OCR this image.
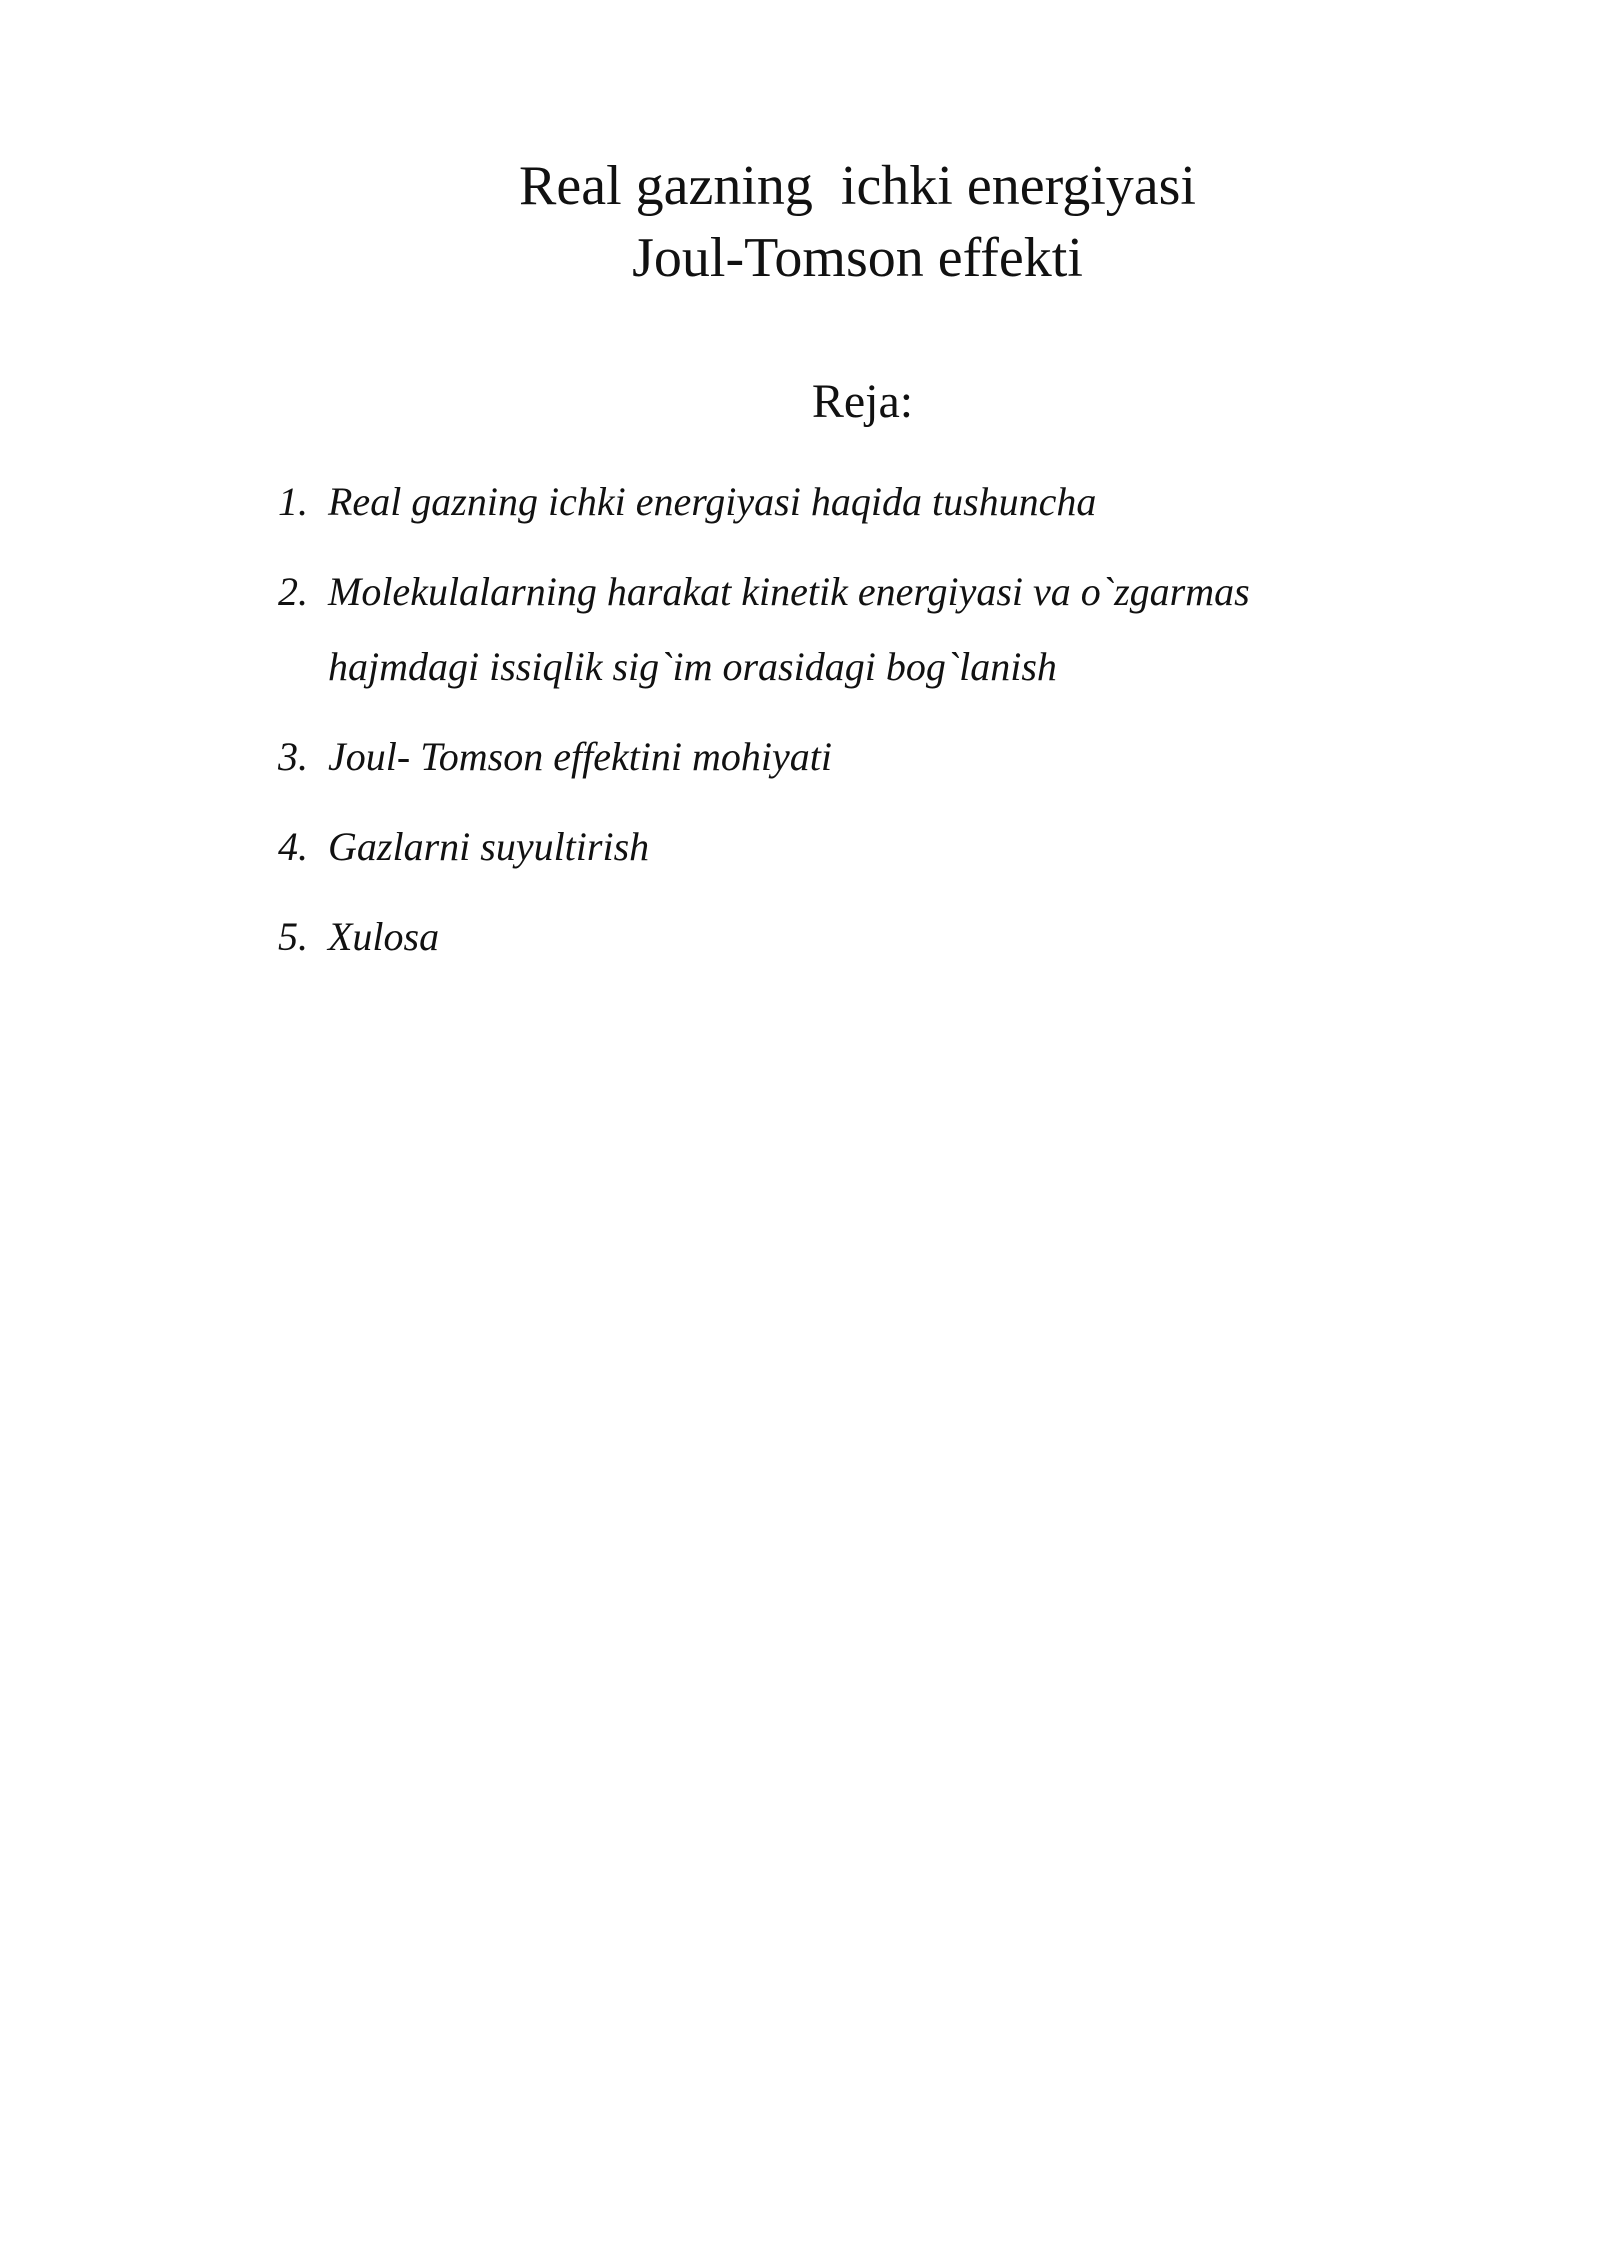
Real gazning  ichki energiyasi
Joul-Tomson effekti
Reja:
1. Real gazning ichki energiyasi haqida tushuncha
2. Molekulalarning harakat kinetik energiyasi va o`zgarmas
hajmdagi issiqlik sig`im orasidagi bog`lanish
3. Joul- Tomson effektini mohiyati
4. Gazlarni suyultirish
5. Xulosa
